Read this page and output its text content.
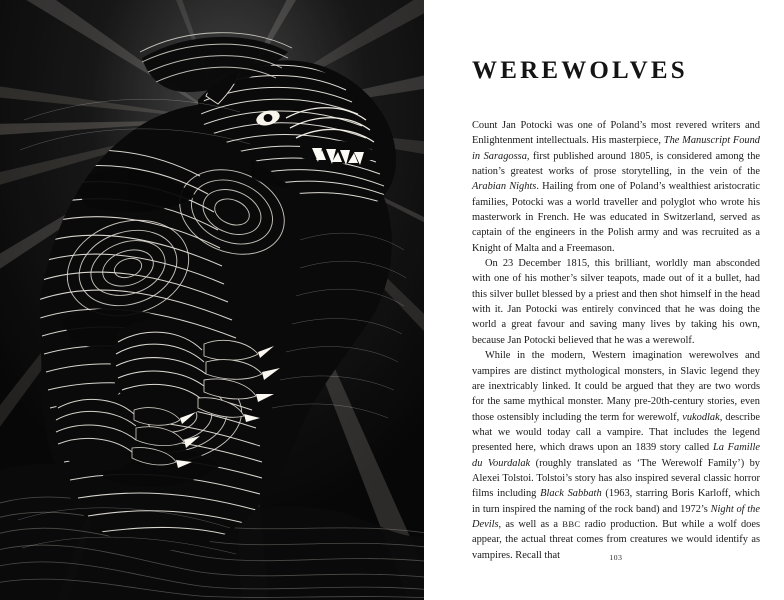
WEREWOLVES

Count Jan Potocki was one of Poland’s most revered writers and Enlightenment intellectuals. His masterpiece, The Manuscript Found in Saragossa, first published around 1805, is considered among the nation’s greatest works of prose storytelling, in the vein of the Arabian Nights. Hailing from one of Poland’s wealthiest aristocratic families, Potocki was a world traveller and polyglot who wrote his masterwork in French. He was educated in Switzerland, served as captain of the engineers in the Polish army and was recruited as a Knight of Malta and a Freemason.

On 23 December 1815, this brilliant, worldly man absconded with one of his mother’s silver teapots, made out of it a bullet, had this silver bullet blessed by a priest and then shot himself in the head with it. Jan Potocki was entirely convinced that he was doing the world a great favour and saving many lives by taking his own, because Jan Potocki believed that he was a werewolf.

While in the modern, Western imagination werewolves and vampires are distinct mythological monsters, in Slavic legend they are inextricably linked. It could be argued that they are two words for the same mythical monster. Many pre-20th-century stories, even those ostensibly including the term for werewolf, vukodlak, describe what we would today call a vampire. That includes the legend presented here, which draws upon an 1839 story called La Famille du Vourdalak (roughly translated as ‘The Werewolf Family’) by Alexei Tolstoi. Tolstoi’s story has also inspired several classic horror films including Black Sabbath (1963, starring Boris Karloff, which in turn inspired the naming of the rock band) and 1972’s Night of the Devils, as well as a BBC radio production. But while a wolf does appear, the actual threat comes from creatures we would identify as vampires. Recall that	103
